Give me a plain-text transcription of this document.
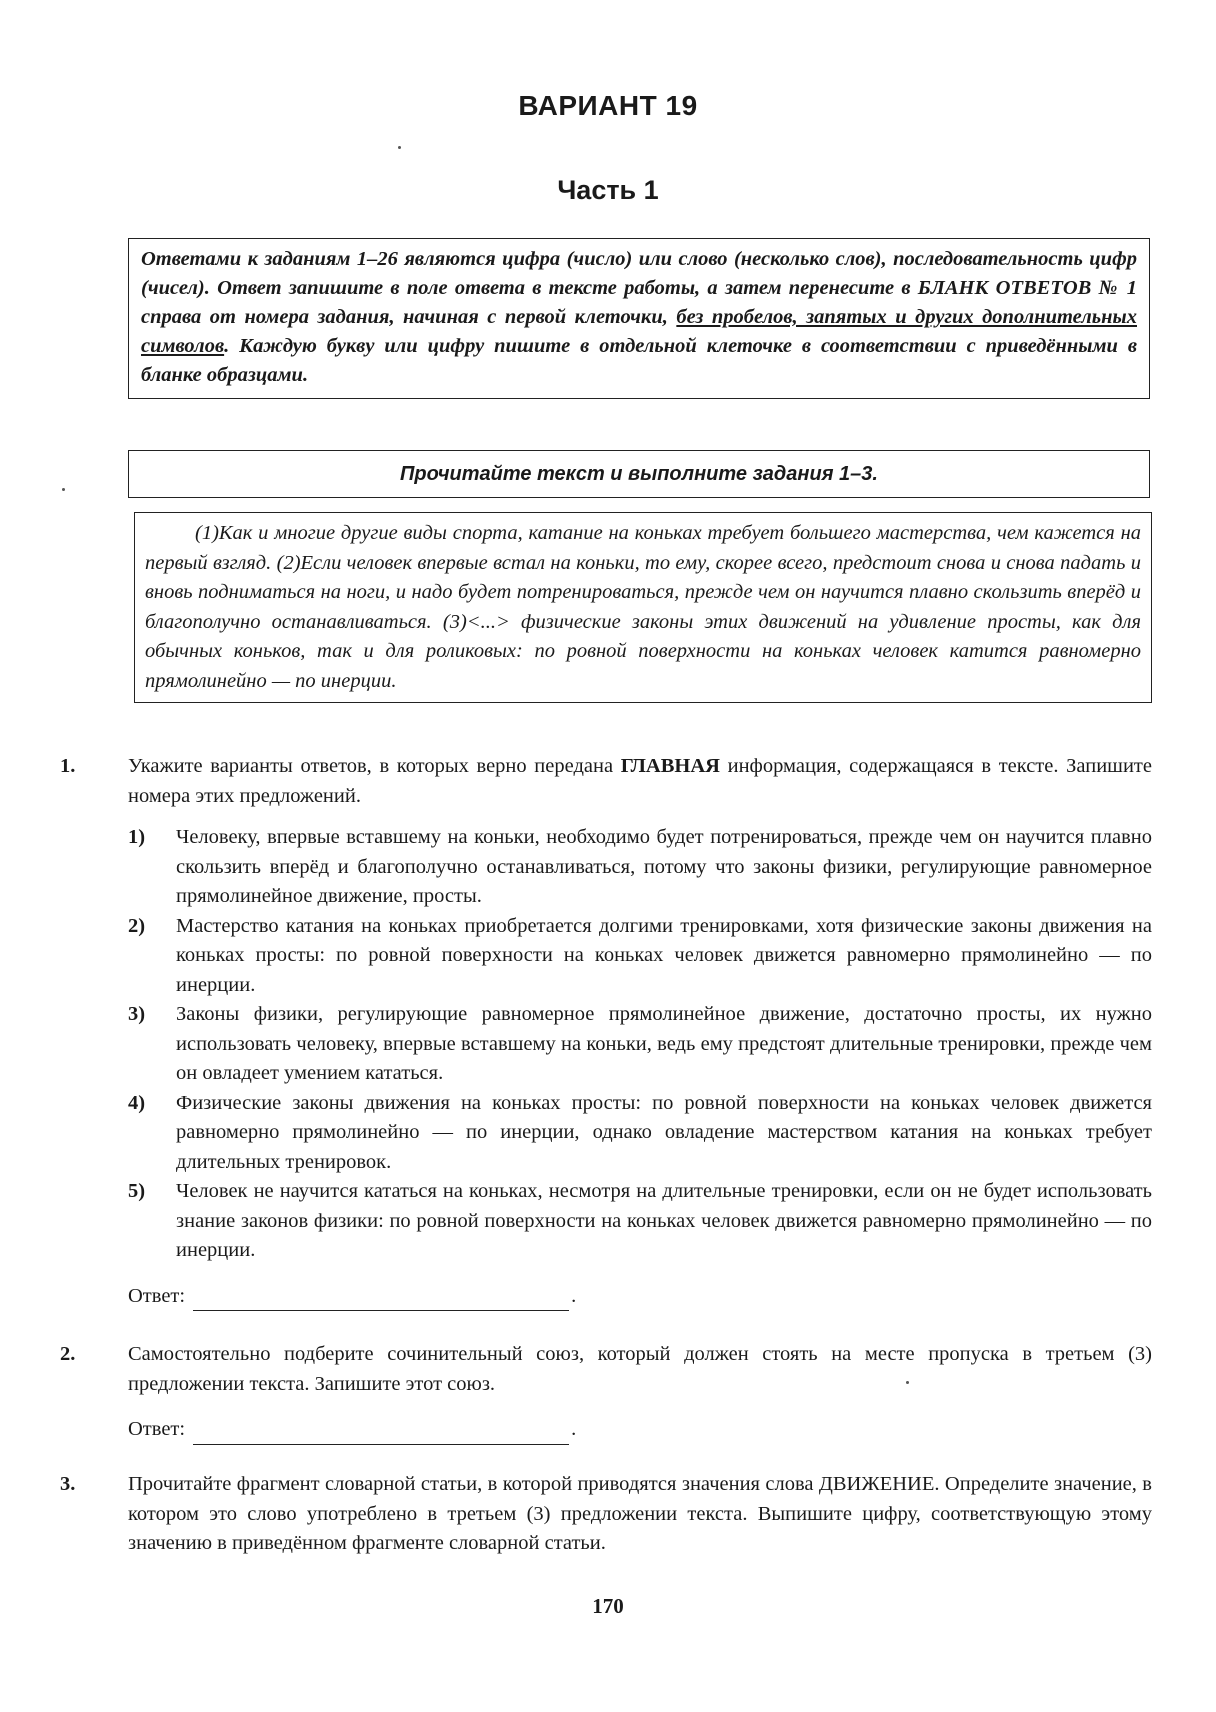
ВАРИАНТ 19
Часть 1
Ответами к заданиям 1–26 являются цифра (число) или слово (несколько слов), последовательность цифр (чисел). Ответ запишите в поле ответа в тексте работы, а затем перенесите в БЛАНК ОТВЕТОВ № 1 справа от номера задания, начиная с первой клеточки, без пробелов, запятых и других дополнительных символов. Каждую букву или цифру пишите в отдельной клеточке в соответствии с приведёнными в бланке образцами.
Прочитайте текст и выполните задания 1–3.
(1)Как и многие другие виды спорта, катание на коньках требует большего мастерства, чем кажется на первый взгляд. (2)Если человек впервые встал на коньки, то ему, скорее всего, предстоит снова и снова падать и вновь подниматься на ноги, и надо будет потренироваться, прежде чем он научится плавно скользить вперёд и благополучно останавливаться. (3)<...> физические законы этих движений на удивление просты, как для обычных коньков, так и для роликовых: по ровной поверхности на коньках человек катится равномерно прямолинейно — по инерции.
1.	Укажите варианты ответов, в которых верно передана ГЛАВНАЯ информация, содержащаяся в тексте. Запишите номера этих предложений.
1)	Человеку, впервые вставшему на коньки, необходимо будет потренироваться, прежде чем он научится плавно скользить вперёд и благополучно останавливаться, потому что законы физики, регулирующие равномерное прямолинейное движение, просты.
2)	Мастерство катания на коньках приобретается долгими тренировками, хотя физические законы движения на коньках просты: по ровной поверхности на коньках человек движется равномерно прямолинейно — по инерции.
3)	Законы физики, регулирующие равномерное прямолинейное движение, достаточно просты, их нужно использовать человеку, впервые вставшему на коньки, ведь ему предстоят длительные тренировки, прежде чем он овладеет умением кататься.
4)	Физические законы движения на коньках просты: по ровной поверхности на коньках человек движется равномерно прямолинейно — по инерции, однако овладение мастерством катания на коньках требует длительных тренировок.
5)	Человек не научится кататься на коньках, несмотря на длительные тренировки, если он не будет использовать знание законов физики: по ровной поверхности на коньках человек движется равномерно прямолинейно — по инерции.
Ответ:	.
2.	Самостоятельно подберите сочинительный союз, который должен стоять на месте пропуска в третьем (3) предложении текста. Запишите этот союз.
Ответ:	.
3.	Прочитайте фрагмент словарной статьи, в которой приводятся значения слова ДВИЖЕНИЕ. Определите значение, в котором это слово употреблено в третьем (3) предложении текста. Выпишите цифру, соответствующую этому значению в приведённом фрагменте словарной статьи.
170
